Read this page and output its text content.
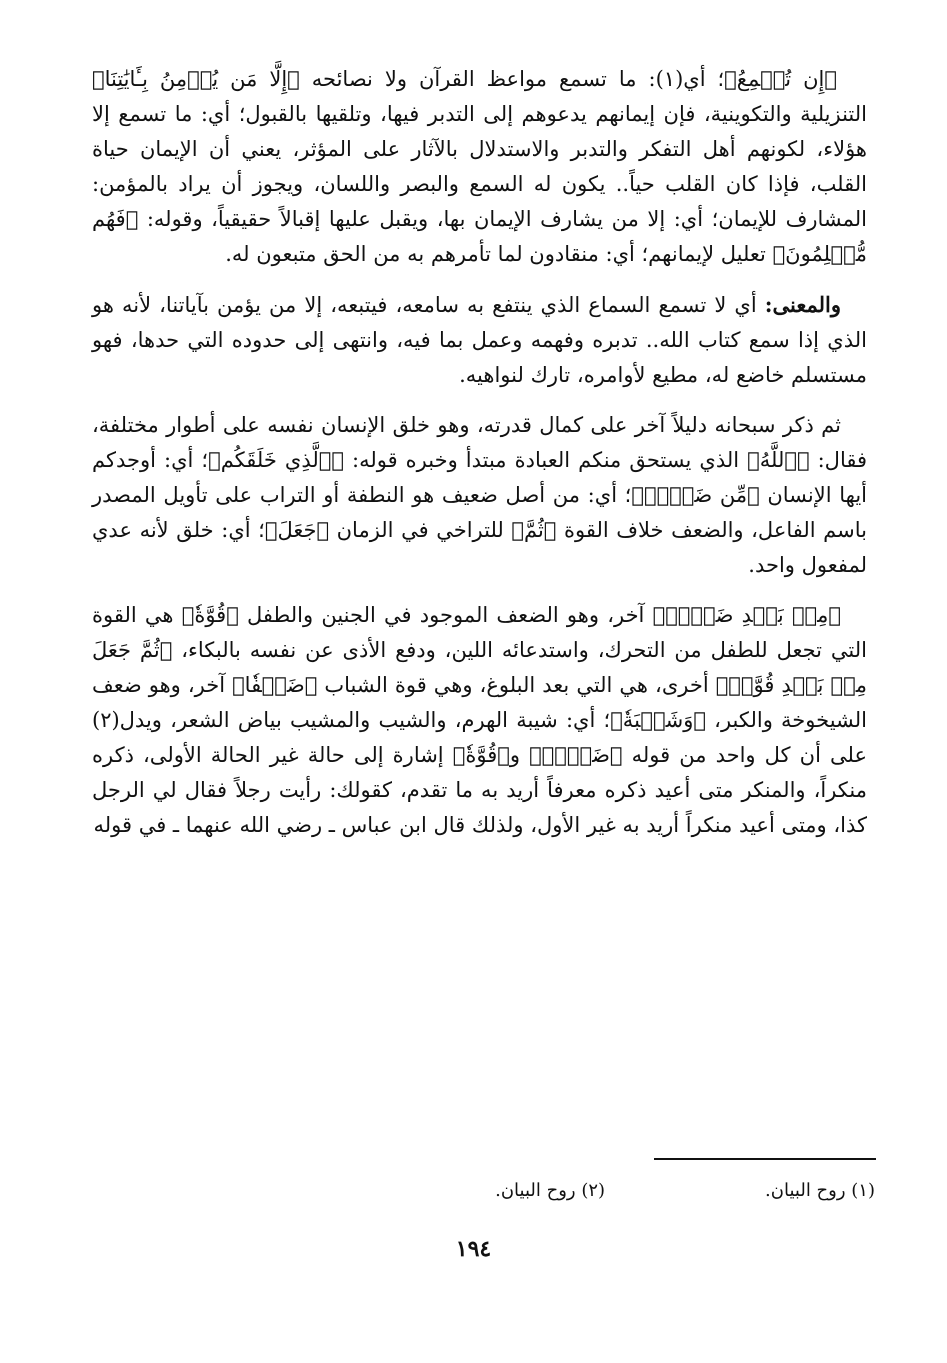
﴿إِن تُسۡمِعُ﴾؛ أي(١): ما تسمع مواعظ القرآن ولا نصائحه ﴿إِلَّا مَن يُؤۡمِنُ بِـَٔايَٰتِنَا﴾ التنزيلية والتكوينية، فإن إيمانهم يدعوهم إلى التدبر فيها، وتلقيها بالقبول؛ أي: ما تسمع إلا هؤلاء، لكونهم أهل التفكر والتدبر والاستدلال بالآثار على المؤثر، يعني أن الإيمان حياة القلب، فإذا كان القلب حياً.. يكون له السمع والبصر واللسان، ويجوز أن يراد بالمؤمن: المشارف للإيمان؛ أي: إلا من يشارف الإيمان بها، ويقبل عليها إقبالاً حقيقياً، وقوله: ﴿فَهُم مُّسۡلِمُونَ﴾ تعليل لإيمانهم؛ أي: منقادون لما تأمرهم به من الحق متبعون له.

والمعنى: أي لا تسمع السماع الذي ينتفع به سامعه، فيتبعه، إلا من يؤمن بآياتنا، لأنه هو الذي إذا سمع كتاب الله.. تدبره وفهمه وعمل بما فيه، وانتهى إلى حدوده التي حدها، فهو مستسلم خاضع له، مطيع لأوامره، تارك لنواهيه.

ثم ذكر سبحانه دليلاً آخر على كمال قدرته، وهو خلق الإنسان نفسه على أطوار مختلفة، فقال: ﴿ٱللَّهُ﴾ الذي يستحق منكم العبادة مبتدأ وخبره قوله: ﴿ٱلَّذِي خَلَقَكُم﴾؛ أي: أوجدكم أيها الإنسان ﴿مِّن ضَعۡفٖ﴾؛ أي: من أصل ضعيف هو النطفة أو التراب على تأويل المصدر باسم الفاعل، والضعف خلاف القوة ﴿ثُمَّ﴾ للتراخي في الزمان ﴿جَعَلَ﴾؛ أي: خلق لأنه عدي لمفعول واحد.

﴿مِنۢ بَعۡدِ ضَعۡفٖ﴾ آخر، وهو الضعف الموجود في الجنين والطفل ﴿قُوَّةٗ﴾ هي القوة التي تجعل للطفل من التحرك، واستدعائه اللين، ودفع الأذى عن نفسه بالبكاء، ﴿ثُمَّ جَعَلَ مِنۢ بَعۡدِ قُوَّةٖ﴾ أخرى، هي التي بعد البلوغ، وهي قوة الشباب ﴿ضَعۡفٗا﴾ آخر، وهو ضعف الشيخوخة والكبر، ﴿وَشَيۡبَةٗ﴾؛ أي: شيبة الهرم، والشيب والمشيب بياض الشعر، ويدل(٢) على أن كل واحد من قوله ﴿ضَعۡفٖ﴾ و﴿قُوَّةٗ﴾ إشارة إلى حالة غير الحالة الأولى، ذكره منكراً، والمنكر متى أعيد ذكره معرفاً أريد به ما تقدم، كقولك: رأيت رجلاً فقال لي الرجل كذا، ومتى أعيد منكراً أريد به غير الأول، ولذلك قال ابن عباس ـ رضي الله عنهما ـ في قوله

(١) روح البيان.
(٢) روح البيان.
١٩٤
